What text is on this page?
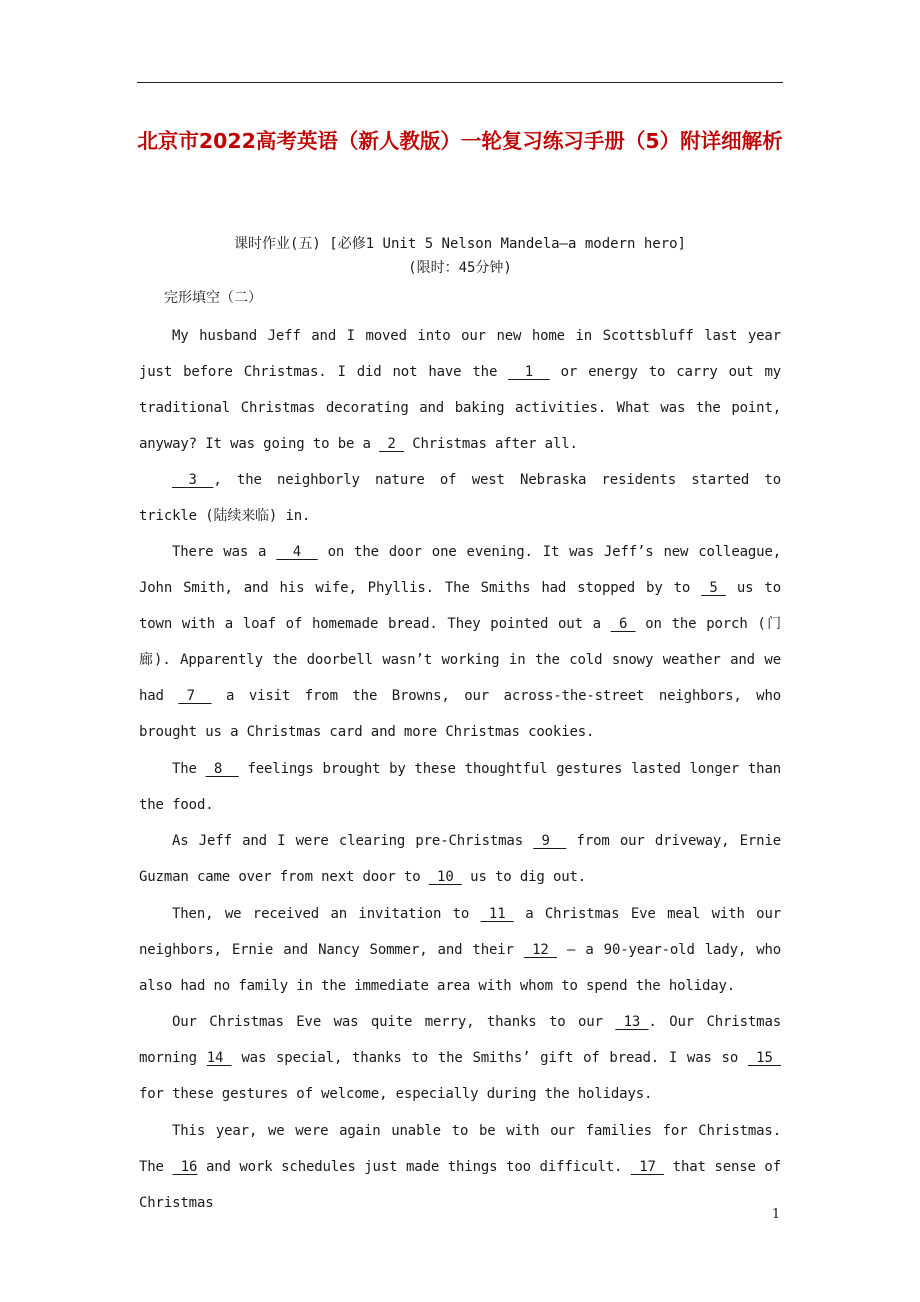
北京市2022高考英语（新人教版）一轮复习练习手册（5）附详细解析
课时作业(五) [必修1 Unit 5 Nelson Mandela—a modern hero]
(限时：45分钟)
完形填空（二）
My husband Jeff and I moved into our new home in Scottsbluff last year just before Christmas. I did not have the   1   or energy to carry out my traditional Christmas decorating and baking activities. What was the point, anyway? It was going to be a  2  Christmas after all.
3  , the neighborly nature of west Nebraska residents started to trickle (陆续来临) in.
There was a   4   on the door one evening. It was Jeff’s new colleague, John Smith, and his wife, Phyllis. The Smiths had stopped by to  5  us to town with a loaf of homemade bread. They pointed out a  6  on the porch (门廊). Apparently the doorbell wasn’t working in the cold snowy weather and we had  7   a visit from the Browns, our across-the-street neighbors, who brought us a Christmas card and more Christmas cookies.
The  8   feelings brought by these thoughtful gestures lasted longer than the food.
As Jeff and I were clearing pre-Christmas  9   from our driveway, Ernie Guzman came over from next door to  10  us to dig out.
Then, we received an invitation to  11  a Christmas Eve meal with our neighbors, Ernie and Nancy Sommer, and their  12  — a 90-year-old lady, who also had no family in the immediate area with whom to spend the holiday.
Our Christmas Eve was quite merry, thanks to our  13 . Our Christmas morning 14  was special, thanks to the Smiths’ gift of bread. I was so  15  for these gestures of welcome, especially during the holidays.
This year, we were again unable to be with our families for Christmas. The  16 and work schedules just made things too difficult.  17  that sense of Christmas
1
